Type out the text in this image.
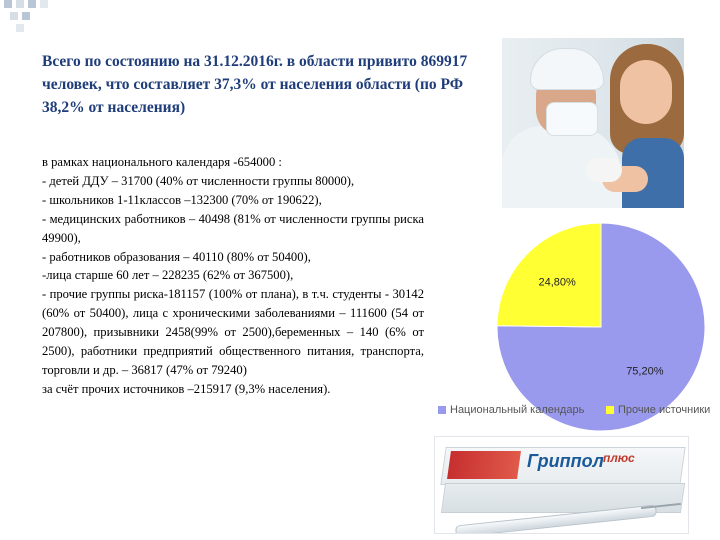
Всего по состоянию на 31.12.2016г. в области привито 869917 человек, что составляет 37,3% от населения области (по РФ 38,2% от населения)
в рамках национального календаря -654000 :
- детей ДДУ – 31700 (40% от численности группы 80000),
- школьников 1-11классов –132300 (70% от 190622),
- медицинских работников – 40498 (81% от численности группы риска 49900),
- работников образования – 40110 (80% от 50400),
-лица старше 60 лет – 228235 (62% от 367500),
- прочие группы риска-181157 (100% от плана), в т.ч. студенты - 30142 (60% от 50400), лица с хроническими заболеваниями – 111600 (54 от 207800), призывники 2458(99% от 2500),беременных – 140 (6% от 2500), работники предприятий общественного питания, транспорта, торговли и др. – 36817 (47% от 79240)
за счёт прочих источников –215917 (9,3% населения).
75,20%
24,80%
Национальный календарь	Прочие источники
Гриппол плюс
